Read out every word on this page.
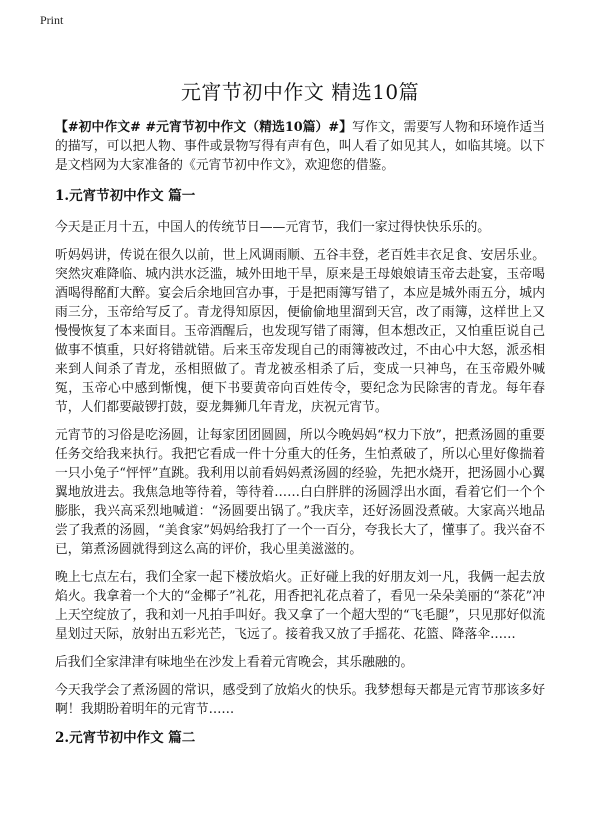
Print
元宵节初中作文 精选10篇

【#初中作文# #元宵节初中作文（精选10篇）#】写作文，需要写人物和环境作适当的描写，可以把人物、事件或景物写得有声有色，叫人看了如见其人，如临其境。以下是文档网为大家准备的《元宵节初中作文》，欢迎您的借鉴。

1.元宵节初中作文 篇一

今天是正月十五，中国人的传统节日——元宵节，我们一家过得快快乐乐的。

听妈妈讲，传说在很久以前，世上风调雨顺、五谷丰登，老百姓丰衣足食、安居乐业。突然灾难降临、城内洪水泛滥，城外田地干旱，原来是王母娘娘请玉帝去赴宴，玉帝喝酒喝得酩酊大醉。宴会后余地回宫办事，于是把雨簿写错了，本应是城外雨五分，城内雨三分，玉帝给写反了。青龙得知原因，便偷偷地里溜到天宫，改了雨簿，这样世上又慢慢恢复了本来面目。玉帝酒醒后，也发现写错了雨簿，但本想改正，又怕重臣说自己做事不慎重，只好将错就错。后来玉帝发现自己的雨簿被改过，不由心中大怒，派丞相来到人间杀了青龙，丞相照做了。青龙被丞相杀了后，变成一只神鸟，在玉帝殿外喊冤，玉帝心中感到惭愧，便下书要黄帝向百姓传令，要纪念为民除害的青龙。每年春节，人们都要敲锣打鼓，耍龙舞狮几年青龙，庆祝元宵节。

元宵节的习俗是吃汤圆，让每家团团圆圆，所以今晚妈妈“权力下放”，把煮汤圆的重要任务交给我来执行。我把它看成一件十分重大的任务，生怕煮破了，所以心里好像揣着一只小兔子“怦怦”直跳。我利用以前看妈妈煮汤圆的经验，先把水烧开，把汤圆小心翼翼地放进去。我焦急地等待着，等待着……白白胖胖的汤圆浮出水面，看着它们一个个膨胀，我兴高采烈地喊道：“汤圆要出锅了。”我庆幸，还好汤圆没煮破。大家高兴地品尝了我煮的汤圆，“美食家”妈妈给我打了一个一百分，夸我长大了，懂事了。我兴奋不已，第煮汤圆就得到这么高的评价，我心里美滋滋的。

晚上七点左右，我们全家一起下楼放焰火。正好碰上我的好朋友刘一凡，我俩一起去放焰火。我拿着一个大的“金椰子”礼花，用香把礼花点着了，看见一朵朵美丽的“茶花”冲上天空绽放了，我和刘一凡拍手叫好。我又拿了一个超大型的“飞毛腿”，只见那好似流星划过天际，放射出五彩光芒，飞远了。接着我又放了手摇花、花篮、降落伞……

后我们全家津津有味地坐在沙发上看着元宵晚会，其乐融融的。

今天我学会了煮汤圆的常识，感受到了放焰火的快乐。我梦想每天都是元宵节那该多好啊！我期盼着明年的元宵节……

2.元宵节初中作文 篇二
